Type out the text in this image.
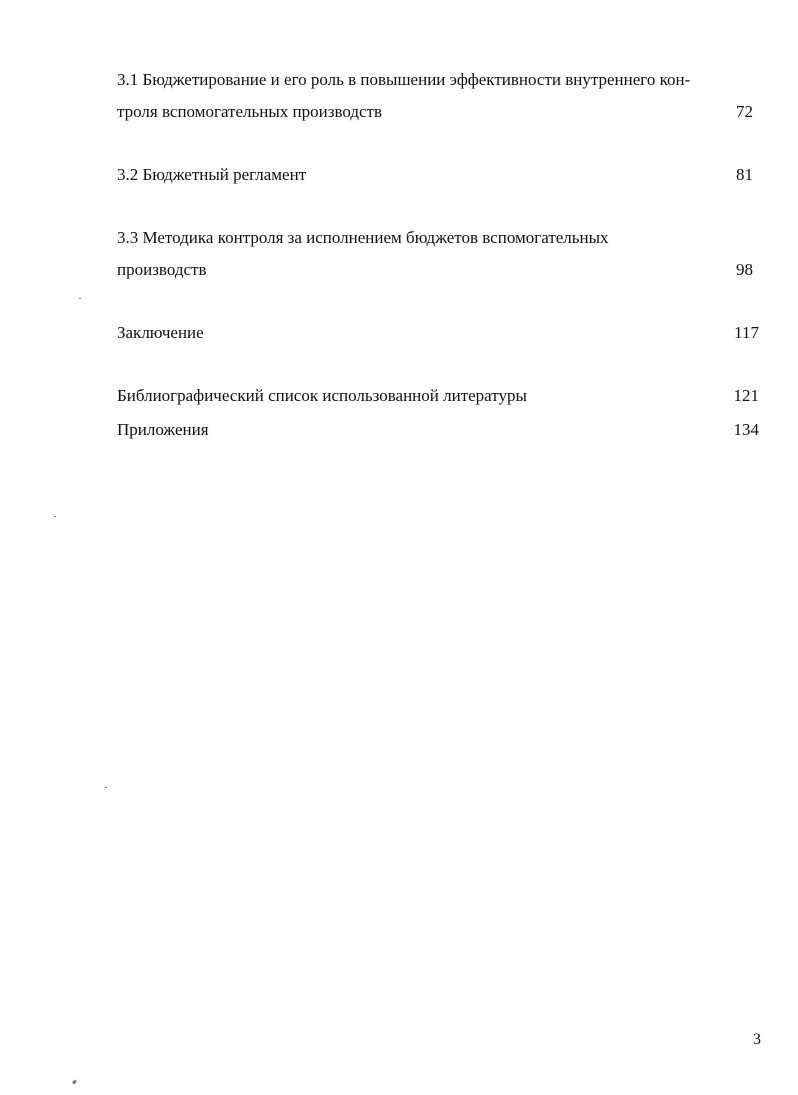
3.1 Бюджетирование и его роль в повышении эффективности внутреннего кон-
троля вспомогательных производств	72
3.2 Бюджетный регламент	81
3.3 Методика контроля за исполнением бюджетов вспомогательных
производств	98
Заключение	117
Библиографический список использованной литературы	121
Приложения	134
3
